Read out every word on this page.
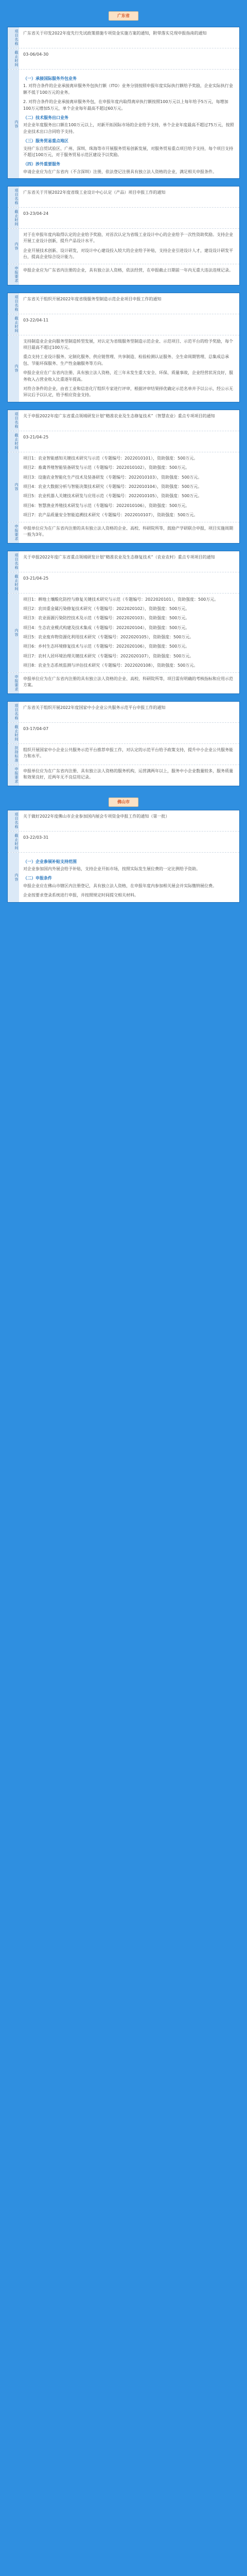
广东省
项目名称	广东省关于印发2022年度先行先试政策措施专项资金实施方案的通知，附带落实兑现申报指南的通知
截止时间	03-06/04-30
内容
（一）承接国际服务外包业务

1. 对符合条件的企业承接离岸服务外包执行额（ITO）业务分别按照申报年度实际执行额给予奖励，企业实际执行金额不低于100万元的业务。

2. 对符合条件的企业承接离岸服务外包，在申报年度内取得离岸执行额按照100万元以上每年给予5万元，每增加100万元增加5万元，单个企业每年最高不超过60万元。

（二）技术服务出口业务

对企业年度服务出口额在100万元以上，对新开拓国际市场的企业给予支持，单个企业年度最高不超过75万元，按照企业技术出口合同给予支持。

（三）服务贸易重点地区

支持广东自贸试验区、广州、深圳、珠海等市开展服务贸易创新发展，对服务贸易重点项目给予支持，每个项目支持不超过100万元，对于服务贸易示范区建设予以奖励。

（四）涉外重要服务

申请企业应为在广东省内（不含深圳）注册，依法登记注册具有独立法人资格的企业，满足相关申报条件。

项目名称	广东省关于开展2022年度省级工业设计中心认定（产品）项目申报工作的通知
截止时间	03-23/04-24
内容

对于在申报年度内取得认定的企业给予奖励，对首次认定为省级工业设计中心的企业给予一次性资助奖励。支持企业开展工业设计创新，提升产品设计水平。

企业开展技术创新、设计研发，对设计中心建设投入较大的企业给予补贴，支持企业引进设计人才，建设设计研发平台，提高企业综合设计能力。

申报要求	申报企业应为广东省内注册的企业，具有独立法人资格，依法经营，在申报截止日期前一年内无重大违法违规记录。
项目名称	广东省关于组织开展2022年度省级服务型制造示范企业项目申报工作的通知
截止时间	03-22/04-11
内容

支持制造业企业向服务型制造转型发展，对认定为省级服务型制造示范企业、示范项目、示范平台的给予奖励，每个项目最高不超过100万元。

重点支持工业设计服务、定制化服务、供应链管理、共享制造、检验检测认证服务、全生命周期管理、总集成总承包、节能环保服务、生产性金融服务等方向。

申报企业应在广东省内注册、具有独立法人资格，近三年未发生重大安全、环保、质量事故，企业经营状况良好，服务收入占营业收入比重逐年提高。

对符合条件的企业，由省工业和信息化厅组织专家进行评审，根据评审结果择优确定示范名单并予以公示，经公示无异议后予以认定，给予相应资金支持。

项目名称	关于申报2022年度广东省重点领域研发计划“精准农业及生态修复技术”（智慧农业）重点专项项目的通知
截止时间	03-21/04-25
内容

项目1：农业智能感知关键技术研究与示范（专题编号：2022010101），资助强度：500万元。

项目2：畜禽养殖智能装备研发与示范（专题编号：2022010102），资助强度：500万元。

项目3：设施农业智能化生产技术及装备研发（专题编号：2022010103），资助强度：500万元。

项目4：农业大数据分析与智能决策技术研究（专题编号：2022010104），资助强度：500万元。

项目5：农业机器人关键技术研发与应用示范（专题编号：2022010105），资助强度：500万元。

项目6：智慧渔业养殖技术研发与示范（专题编号：2022010106），资助强度：500万元。

项目7：农产品质量安全智能追溯技术研究（专题编号：2022010107），资助强度：500万元。

申报要求	申报单位应为在广东省内注册的具有独立法人资格的企业、高校、科研院所等，鼓励产学研联合申报，项目实施周期一般为3年。
项目名称	关于申报2022年度广东省重点领域研发计划“精准农业及生态修复技术”（农业农村）重点专项项目的通知
截止时间	03-21/04-25
内容

项目1：耕地土壤酸化防控与修复关键技术研究与示范（专题编号：2022020101），资助强度：500万元。

项目2：农田重金属污染修复技术研究（专题编号：2022020102），资助强度：500万元。

项目3：农业面源污染防控技术及示范（专题编号：2022020103），资助强度：500万元。

项目4：生态农业模式构建及技术集成（专题编号：2022020104），资助强度：500万元。

项目5：农业废弃物资源化利用技术研究（专题编号：2022020105），资助强度：500万元。

项目6：乡村生态环境修复技术与示范（专题编号：2022020106），资助强度：500万元。

项目7：农村人居环境治理关键技术研究（专题编号：2022020107），资助强度：500万元。

项目8：农业生态系统监测与评估技术研究（专题编号：2022020108），资助强度：500万元。

申报要求	申报单位应为在广东省内注册的具有独立法人资格的企业、高校、科研院所等，项目需有明确的考核指标和应用示范方案。
项目名称	广东省关于组织开展2022年度国家中小企业公共服务示范平台申报工作的通知
截止时间	03-17/04-07
扶持标准	组织开展国家中小企业公共服务示范平台推荐申报工作，对认定的示范平台给予政策支持，提升中小企业公共服务能力和水平。
申报要求	申报单位应为在广东省内注册、具有独立法人资格的服务机构，运营满两年以上，服务中小企业数量较多，服务质量和效果良好，近两年无不良信用记录。
佛山市
项目名称	关于做好2022年度佛山市企业参加国内展会专项资金申报工作的通知（第一批）
截止时间	03-22/03-31
内容
（一）企业参展补贴支持范围

对企业参加国内外展会给予补贴，支持企业开拓市场，按照实际发生展位费的一定比例给予资助。

（二）申报条件

申报企业应在佛山市辖区内注册登记，具有独立法人资格，在申报年度内参加相关展会并实际缴纳展位费。

企业按要求登录系统进行申报，并按照规定时间提交相关材料。
